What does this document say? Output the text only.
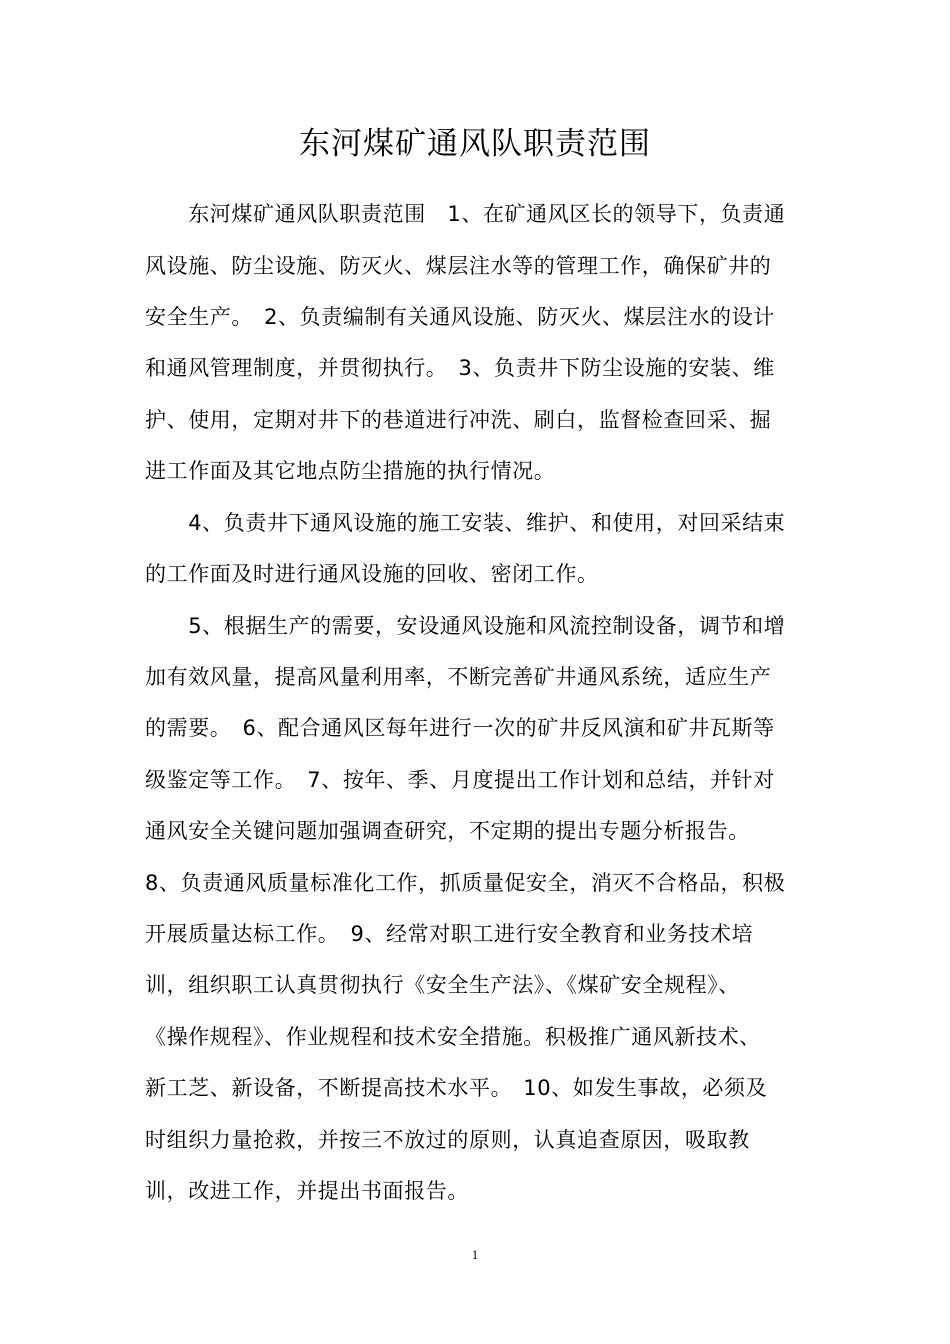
东河煤矿通风队职责范围

　　东河煤矿通风队职责范围　1、在矿通风区长的领导下，负责通

风设施、防尘设施、防灭火、煤层注水等的管理工作，确保矿井的

安全生产。　2、负责编制有关通风设施、防灭火、煤层注水的设计

和通风管理制度，并贯彻执行。　3、负责井下防尘设施的安装、维

护、使用，定期对井下的巷道进行冲洗、刷白，监督检查回采、掘

进工作面及其它地点防尘措施的执行情况。

　　4、负责井下通风设施的施工安装、维护、和使用，对回采结束

的工作面及时进行通风设施的回收、密闭工作。

　　5、根据生产的需要，安设通风设施和风流控制设备，调节和增

加有效风量，提高风量利用率，不断完善矿井通风系统，适应生产

的需要。　6、配合通风区每年进行一次的矿井反风演和矿井瓦斯等

级鉴定等工作。　7、按年、季、月度提出工作计划和总结，并针对

通风安全关键问题加强调查研究，不定期的提出专题分析报告。

8、负责通风质量标准化工作，抓质量促安全，消灭不合格品，积极

开展质量达标工作。　9、经常对职工进行安全教育和业务技术培

训，组织职工认真贯彻执行《安全生产法》、《煤矿安全规程》、

《操作规程》、作业规程和技术安全措施。积极推广通风新技术、

新工芝、新设备，不断提高技术水平。　10、如发生事故，必须及

时组织力量抢救，并按三不放过的原则，认真追查原因，吸取教

训，改进工作，并提出书面报告。

1
